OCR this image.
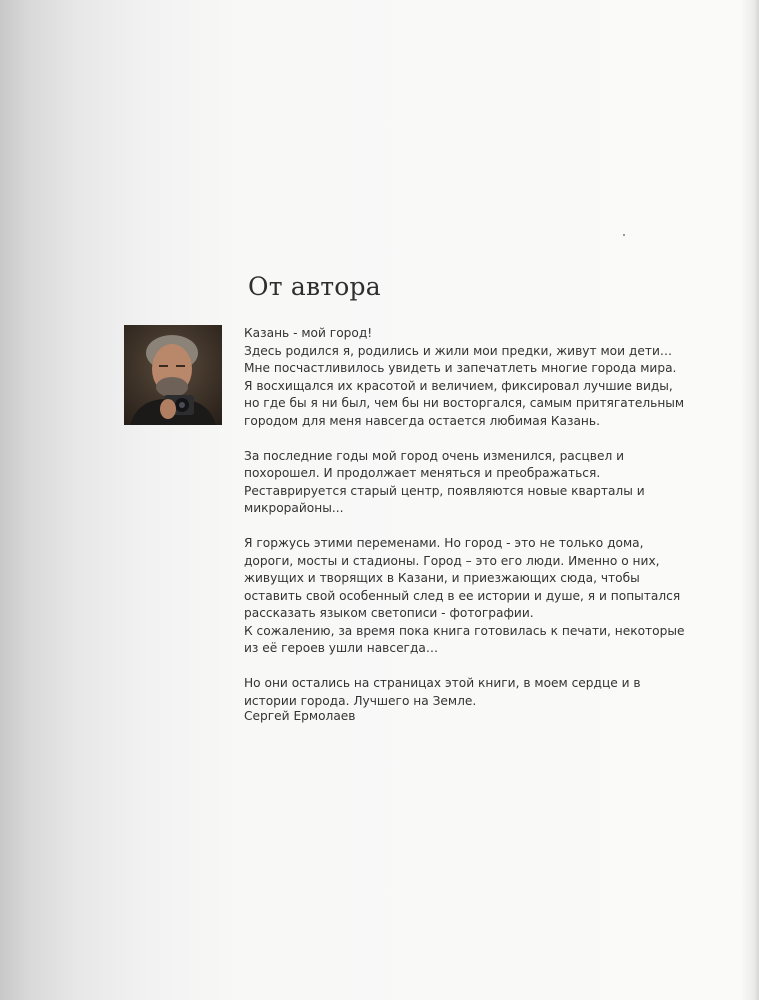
От автора

Казань - мой город!
Здесь родился я, родились и жили мои предки, живут мои дети…
Мне посчастливилось увидеть и запечатлеть многие города мира.
Я восхищался их красотой и величием, фиксировал лучшие виды,
но где бы я ни был, чем бы ни восторгался, самым притягательным
городом для меня навсегда остается любимая Казань.

За последние годы мой город очень изменился, расцвел и
похорошел. И продолжает меняться и преображаться.
Реставрируется старый центр, появляются новые кварталы и
микрорайоны...

Я горжусь этими переменами. Но город - это не только дома,
дороги, мосты и стадионы. Город – это его люди. Именно о них,
живущих и творящих в Казани, и приезжающих сюда, чтобы
оставить свой особенный след в ее истории и душе, я и попытался
рассказать языком светописи - фотографии.
К сожалению, за время пока книга готовилась к печати, некоторые
из её героев ушли навсегда…

Но они остались на страницах этой книги, в моем сердце и в
истории города. Лучшего на Земле.

Сергей Ермолаев
